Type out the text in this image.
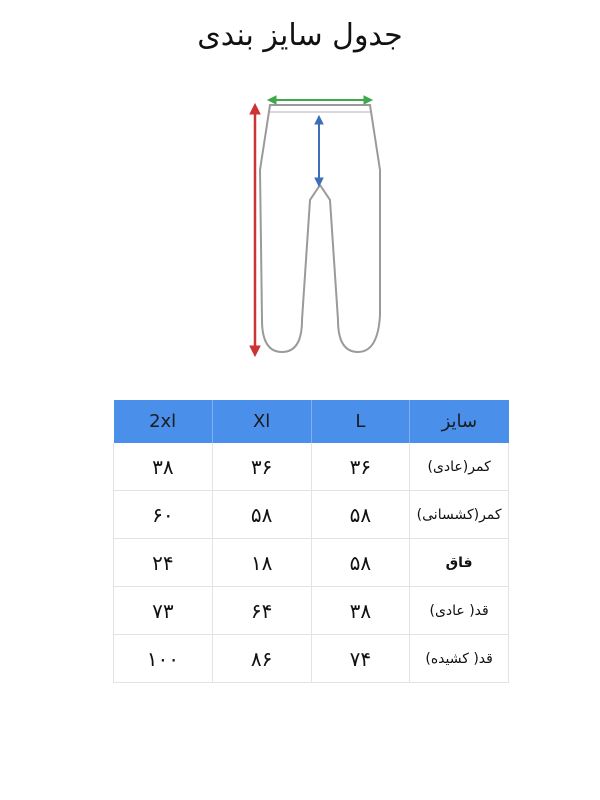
جدول سایز بندی
2xl	Xl	L	سایز
۳۸	۳۶	۳۶	کمر(عادی)
۶۰	۵۸	۵۸	کمر(کشسانی)
۲۴	۱۸	۵۸	فاق
۷۳	۶۴	۳۸	قد( عادی)
۱۰۰	۸۶	۷۴	قد( کشیده)
